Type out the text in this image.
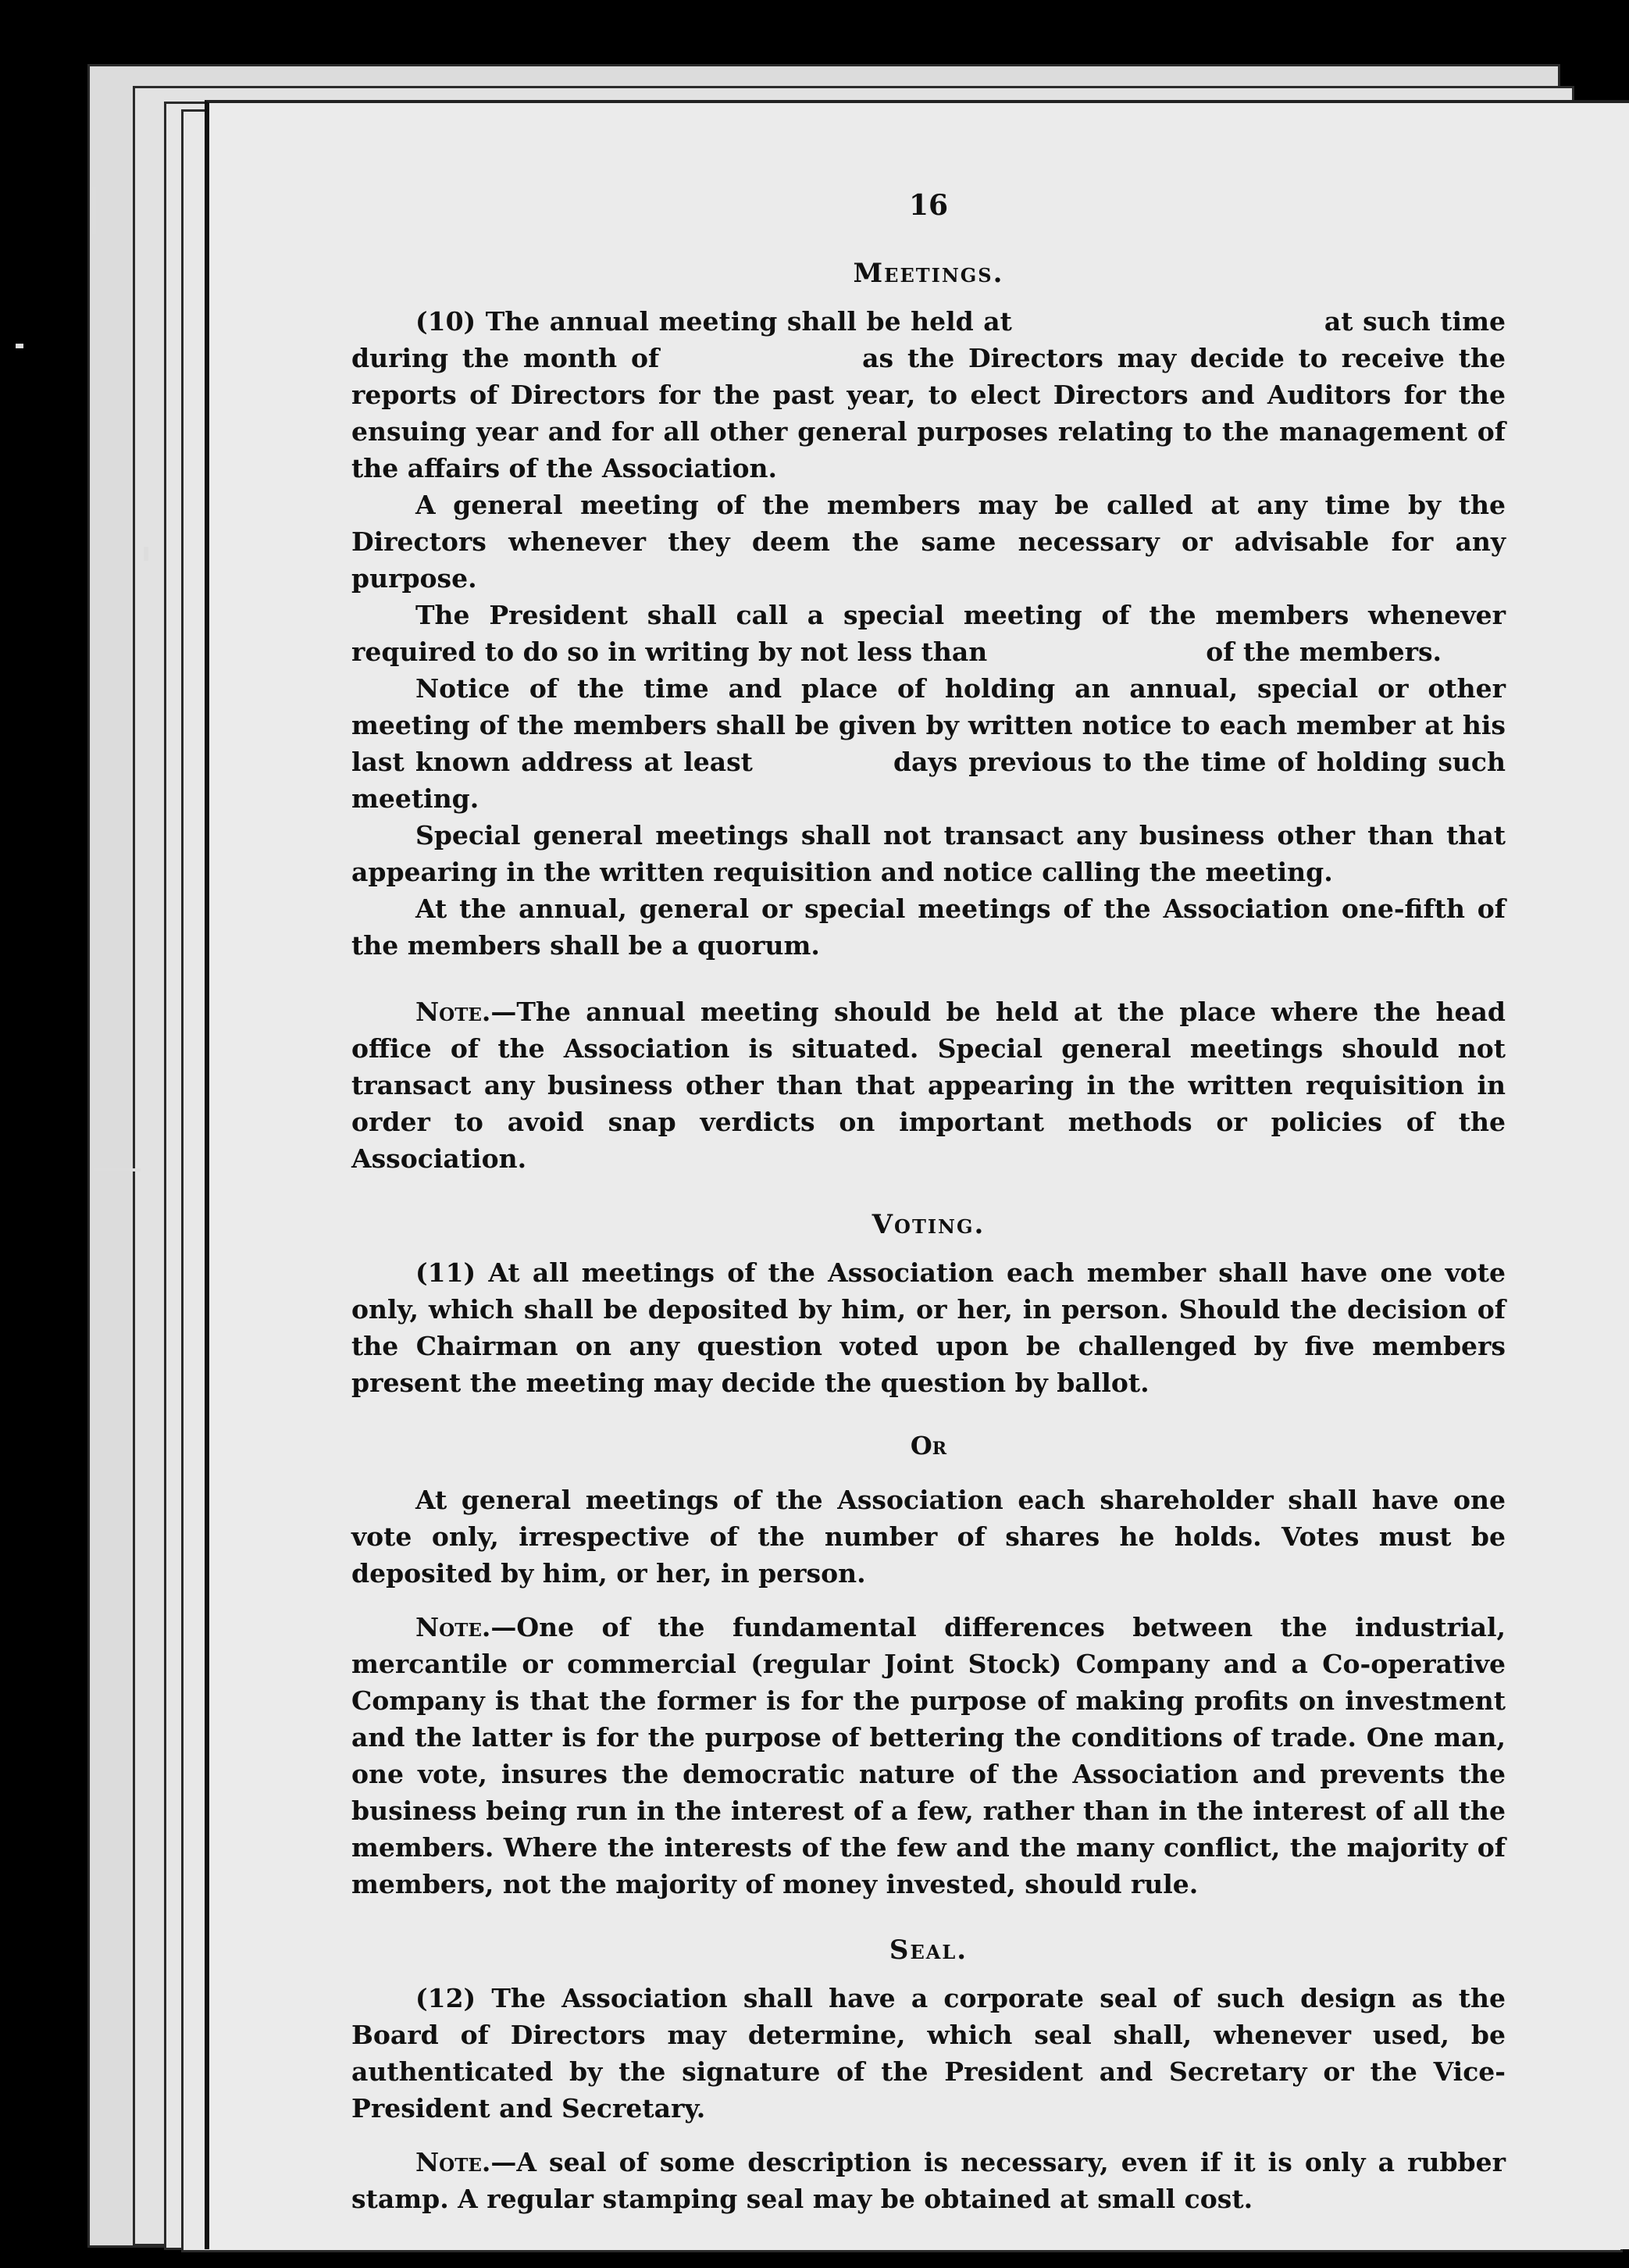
16
Meetings.

(10) The annual meeting shall be held at	at such time during the month of	as the Directors may decide to receive the reports of Directors for the past year, to elect Directors and Auditors for the ensuing year and for all other general purposes relating to the management of the affairs of the Association.

A general meeting of the members may be called at any time by the Directors whenever they deem the same necessary or advisable for any purpose.

The President shall call a special meeting of the members whenever required to do so in writing by not less than	of the members.

Notice of the time and place of holding an annual, special or other meeting of the members shall be given by written notice to each member at his last known address at least	days previous to the time of holding such meeting.

Special general meetings shall not transact any business other than that appearing in the written requisition and notice calling the meeting.

At the annual, general or special meetings of the Association one-fifth of the members shall be a quorum.

Note.—The annual meeting should be held at the place where the head office of the Association is situated. Special general meetings should not transact any business other than that appearing in the written requisition in order to avoid snap verdicts on important methods or policies of the Association.

Voting.

(11) At all meetings of the Association each member shall have one vote only, which shall be deposited by him, or her, in person. Should the decision of the Chairman on any question voted upon be challenged by five members present the meeting may decide the question by ballot.

Or

At general meetings of the Association each shareholder shall have one vote only, irrespective of the number of shares he holds. Votes must be deposited by him, or her, in person.

Note.—One of the fundamental differences between the industrial, mercantile or commercial (regular Joint Stock) Company and a Co-operative Company is that the former is for the purpose of making profits on investment and the latter is for the purpose of bettering the conditions of trade. One man, one vote, insures the democratic nature of the Association and prevents the business being run in the interest of a few, rather than in the interest of all the members. Where the interests of the few and the many conflict, the majority of members, not the majority of money invested, should rule.

Seal.

(12) The Association shall have a corporate seal of such design as the Board of Directors may determine, which seal shall, whenever used, be authenticated by the signature of the President and Secretary or the Vice-President and Secretary.

Note.—A seal of some description is necessary, even if it is only a rubber stamp. A regular stamping seal may be obtained at small cost.
